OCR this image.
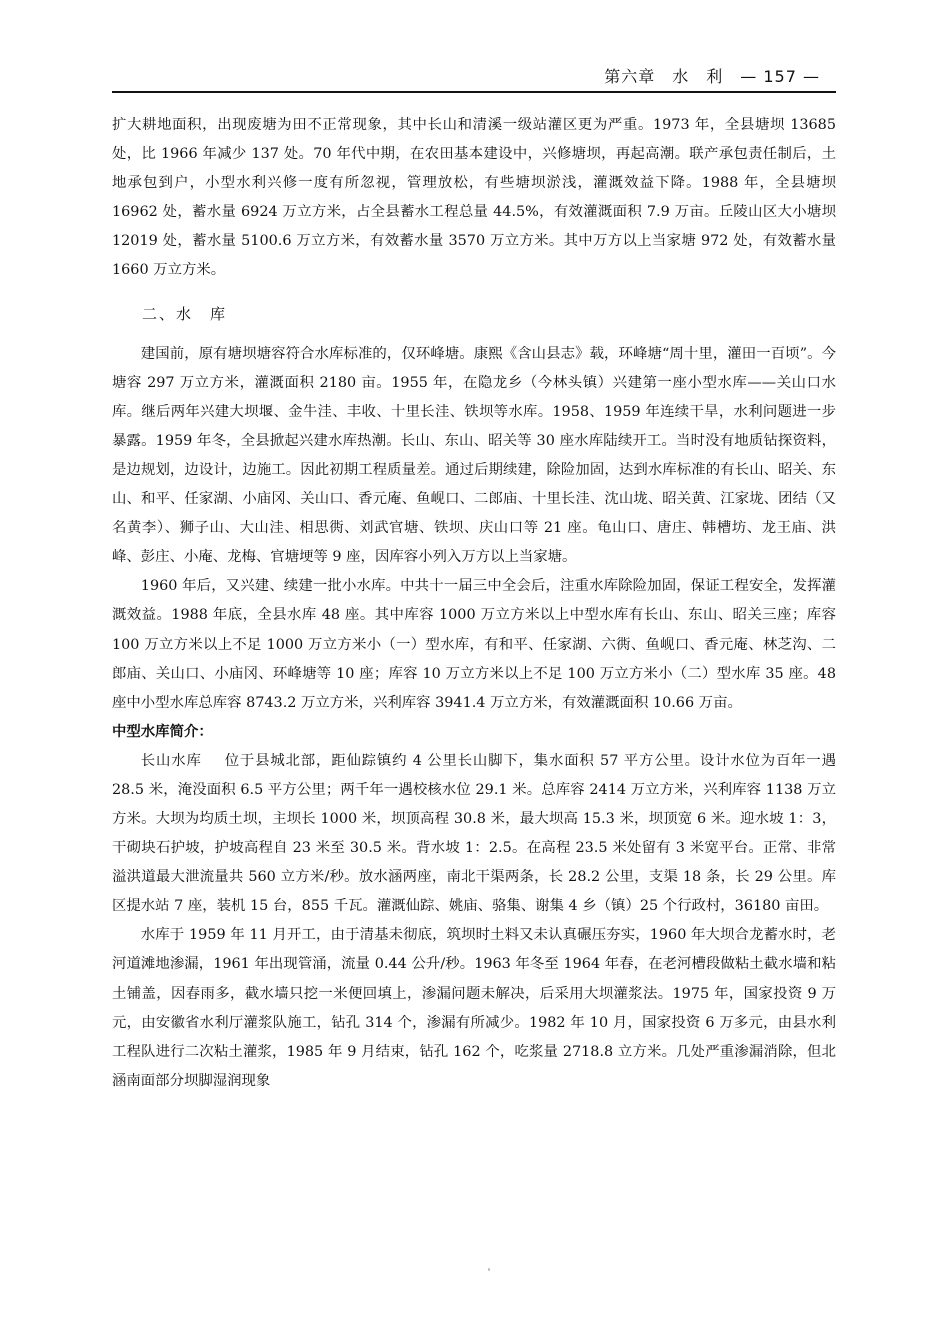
第六章　水　利　— 157 —

扩大耕地面积，出现废塘为田不正常现象，其中长山和清溪一级站灌区更为严重。1973 年，全县塘坝 13685 处，比 1966 年减少 137 处。70 年代中期，在农田基本建设中，兴修塘坝，再起高潮。联产承包责任制后，土地承包到户，小型水利兴修一度有所忽视，管理放松，有些塘坝淤浅，灌溉效益下降。1988 年，全县塘坝 16962 处，蓄水量 6924 万立方米，占全县蓄水工程总量 44.5%，有效灌溉面积 7.9 万亩。丘陵山区大小塘坝 12019 处，蓄水量 5100.6 万立方米，有效蓄水量 3570 万立方米。其中万方以上当家塘 972 处，有效蓄水量 1660 万立方米。

二、水　库

建国前，原有塘坝塘容符合水库标准的，仅环峰塘。康熙《含山县志》载，环峰塘“周十里，灌田一百顷”。今塘容 297 万立方米，灌溉面积 2180 亩。1955 年，在隐龙乡（今林头镇）兴建第一座小型水库——关山口水库。继后两年兴建大坝堰、金牛洼、丰收、十里长洼、铁坝等水库。1958、1959 年连续干旱，水利问题进一步暴露。1959 年冬，全县掀起兴建水库热潮。长山、东山、昭关等 30 座水库陆续开工。当时没有地质钻探资料，是边规划，边设计，边施工。因此初期工程质量差。通过后期续建，除险加固，达到水库标准的有长山、昭关、东山、和平、任家湖、小庙冈、关山口、香元庵、鱼岘口、二郎庙、十里长洼、沈山垅、昭关黄、江家垅、团结（又名黄李）、狮子山、大山洼、相思衖、刘武官塘、铁坝、庆山口等 21 座。龟山口、唐庄、韩槽坊、龙王庙、洪峰、彭庄、小庵、龙梅、官塘埂等 9 座，因库容小列入万方以上当家塘。

1960 年后，又兴建、续建一批小水库。中共十一届三中全会后，注重水库除险加固，保证工程安全，发挥灌溉效益。1988 年底，全县水库 48 座。其中库容 1000 万立方米以上中型水库有长山、东山、昭关三座；库容 100 万立方米以上不足 1000 万立方米小（一）型水库，有和平、任家湖、六衖、鱼岘口、香元庵、林芝沟、二郎庙、关山口、小庙冈、环峰塘等 10 座；库容 10 万立方米以上不足 100 万立方米小（二）型水库 35 座。48 座中小型水库总库容 8743.2 万立方米，兴利库容 3941.4 万立方米，有效灌溉面积 10.66 万亩。

中型水库简介：

长山水库 位于县城北部，距仙踪镇约 4 公里长山脚下，集水面积 57 平方公里。设计水位为百年一遇 28.5 米，淹没面积 6.5 平方公里；两千年一遇校核水位 29.1 米。总库容 2414 万立方米，兴利库容 1138 万立方米。大坝为均质土坝，主坝长 1000 米，坝顶高程 30.8 米，最大坝高 15.3 米，坝顶宽 6 米。迎水坡 1：3，干砌块石护坡，护坡高程自 23 米至 30.5 米。背水坡 1：2.5。在高程 23.5 米处留有 3 米宽平台。正常、非常溢洪道最大泄流量共 560 立方米/秒。放水涵两座，南北干渠两条，长 28.2 公里，支渠 18 条，长 29 公里。库区提水站 7 座，装机 15 台，855 千瓦。灌溉仙踪、姚庙、骆集、谢集 4 乡（镇）25 个行政村，36180 亩田。

水库于 1959 年 11 月开工，由于清基未彻底，筑坝时土料又未认真碾压夯实，1960 年大坝合龙蓄水时，老河道滩地渗漏，1961 年出现管涌，流量 0.44 公升/秒。1963 年冬至 1964 年春，在老河槽段做粘土截水墙和粘土铺盖，因春雨多，截水墙只挖一米便回填上，渗漏问题未解决，后采用大坝灌浆法。1975 年，国家投资 9 万元，由安徽省水利厅灌浆队施工，钻孔 314 个，渗漏有所减少。1982 年 10 月，国家投资 6 万多元，由县水利工程队进行二次粘土灌浆，1985 年 9 月结束，钻孔 162 个，吃浆量 2718.8 立方米。几处严重渗漏消除，但北涵南面部分坝脚湿润现象
